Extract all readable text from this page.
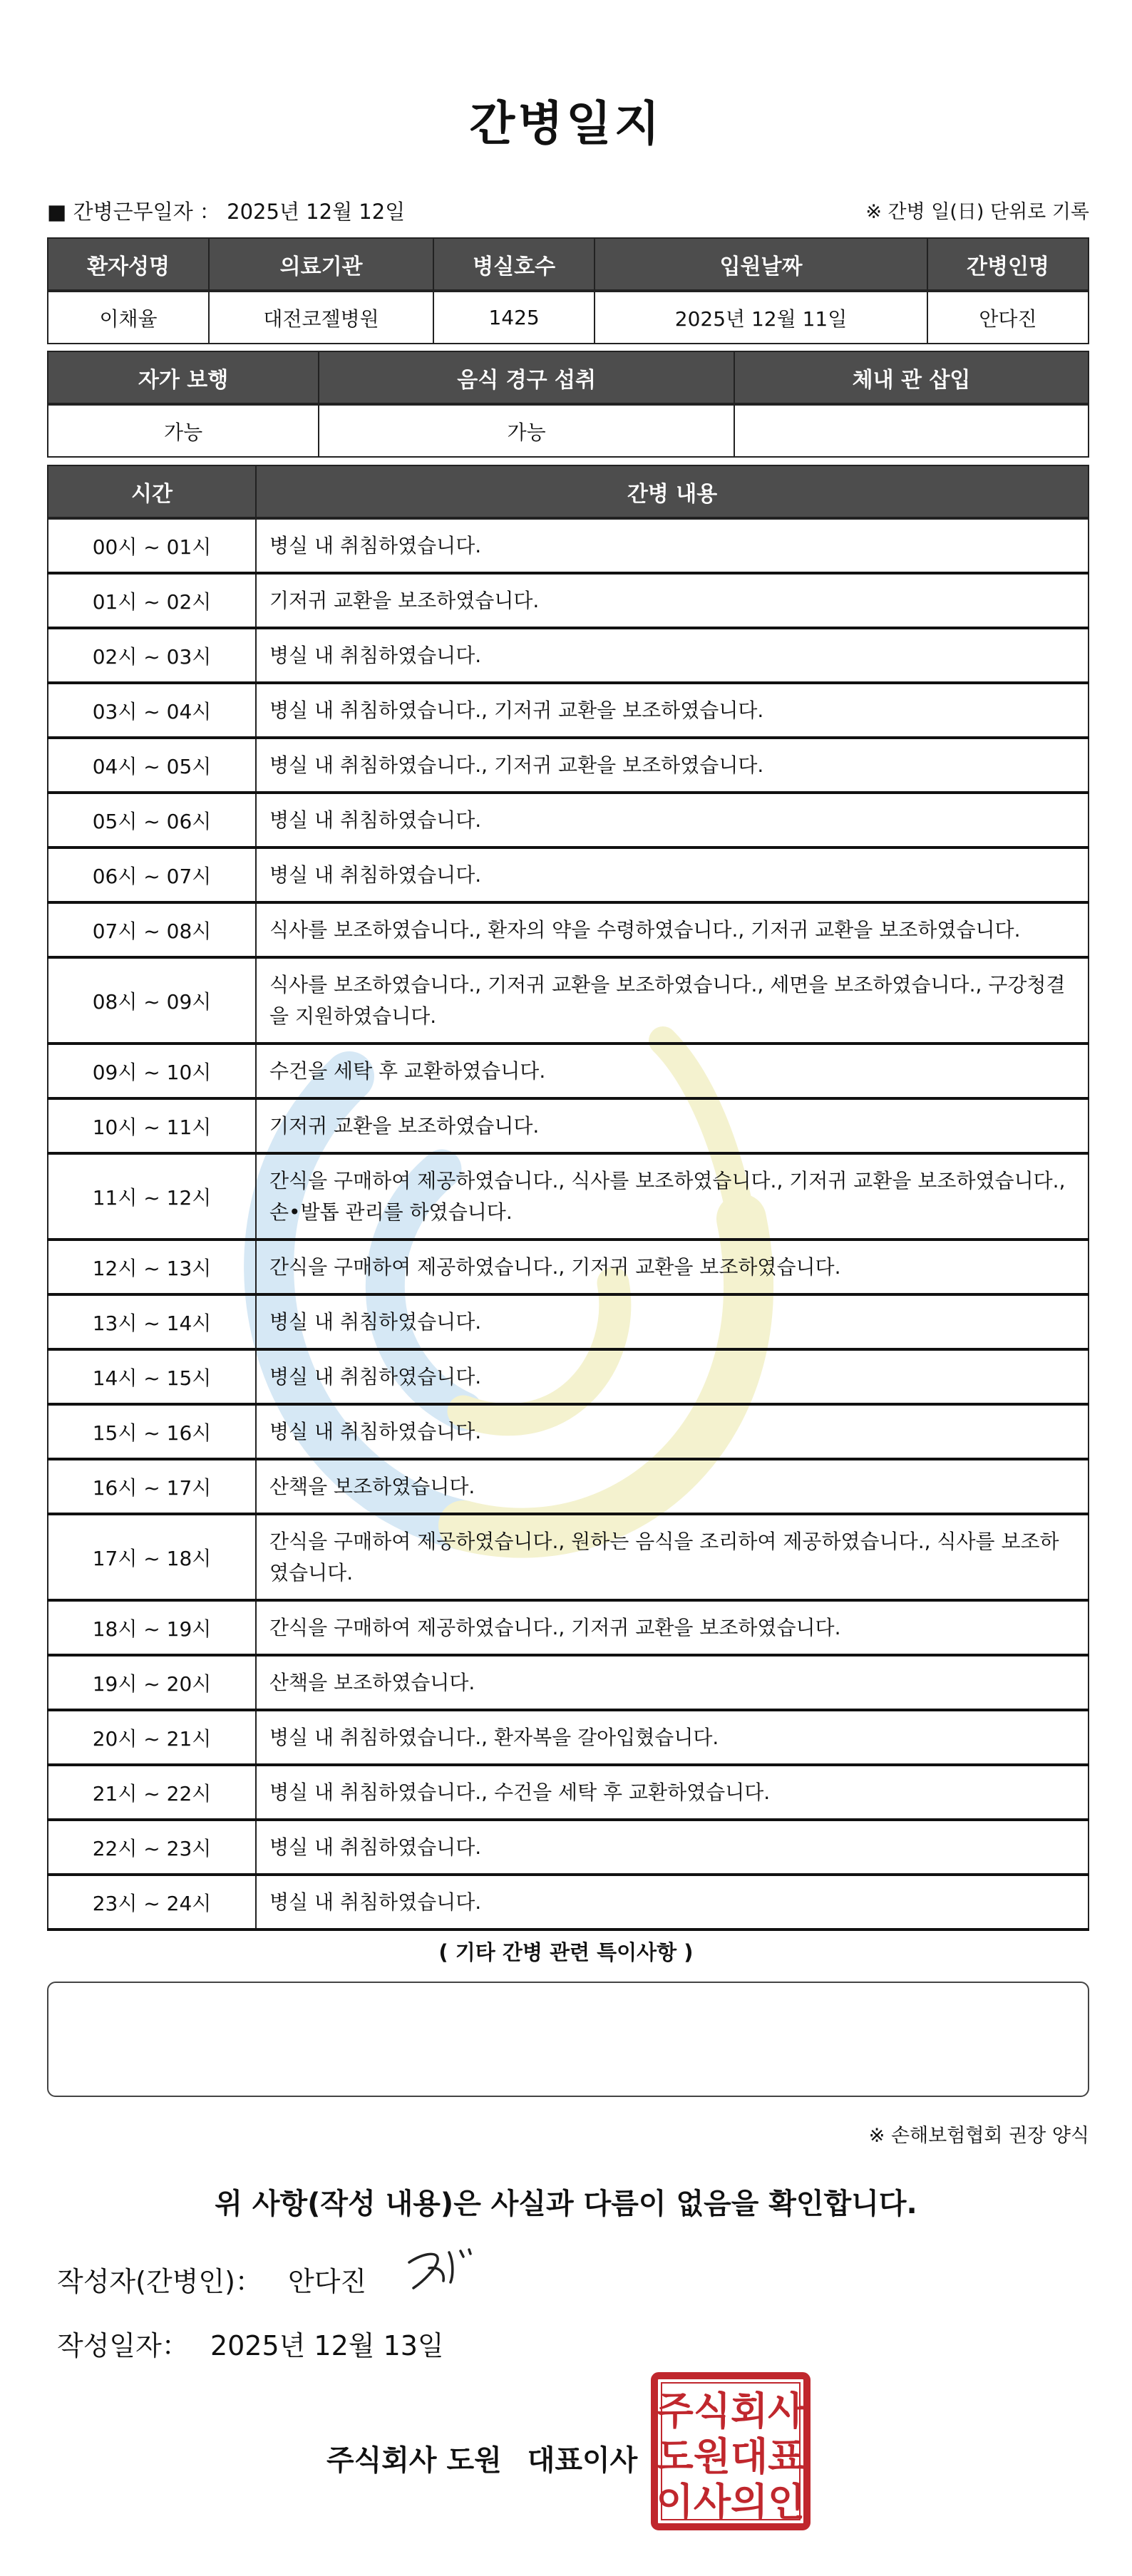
간병일지
■ 간병근무일자 ： 2025년 12월 12일	※ 간병 일(日) 단위로 기록
환자성명	의료기관	병실호수	입원날짜	간병인명
이채율	대전코젤병원	1425	2025년 12월 11일	안다진
자가 보행	음식 경구 섭취	체내 관 삽입
가능	가능	
시간	간병 내용
00시 ~ 01시	병실 내 취침하였습니다.
01시 ~ 02시	기저귀 교환을 보조하였습니다.
02시 ~ 03시	병실 내 취침하였습니다.
03시 ~ 04시	병실 내 취침하였습니다., 기저귀 교환을 보조하였습니다.
04시 ~ 05시	병실 내 취침하였습니다., 기저귀 교환을 보조하였습니다.
05시 ~ 06시	병실 내 취침하였습니다.
06시 ~ 07시	병실 내 취침하였습니다.
07시 ~ 08시	식사를 보조하였습니다., 환자의 약을 수령하였습니다., 기저귀 교환을 보조하였습니다.
08시 ~ 09시	식사를 보조하였습니다., 기저귀 교환을 보조하였습니다., 세면을 보조하였습니다., 구강청결을 지원하였습니다.
09시 ~ 10시	수건을 세탁 후 교환하였습니다.
10시 ~ 11시	기저귀 교환을 보조하였습니다.
11시 ~ 12시	간식을 구매하여 제공하였습니다., 식사를 보조하였습니다., 기저귀 교환을 보조하였습니다., 손•발톱 관리를 하였습니다.
12시 ~ 13시	간식을 구매하여 제공하였습니다., 기저귀 교환을 보조하였습니다.
13시 ~ 14시	병실 내 취침하였습니다.
14시 ~ 15시	병실 내 취침하였습니다.
15시 ~ 16시	병실 내 취침하였습니다.
16시 ~ 17시	산책을 보조하였습니다.
17시 ~ 18시	간식을 구매하여 제공하였습니다., 원하는 음식을 조리하여 제공하였습니다., 식사를 보조하였습니다.
18시 ~ 19시	간식을 구매하여 제공하였습니다., 기저귀 교환을 보조하였습니다.
19시 ~ 20시	산책을 보조하였습니다.
20시 ~ 21시	병실 내 취침하였습니다., 환자복을 갈아입혔습니다.
21시 ~ 22시	병실 내 취침하였습니다., 수건을 세탁 후 교환하였습니다.
22시 ~ 23시	병실 내 취침하였습니다.
23시 ~ 24시	병실 내 취침하였습니다.
( 기타 간병 관련 특이사항 )
※ 손해보험협회 권장 양식
위 사항(작성 내용)은 사실과 다름이 없음을 확인합니다.
작성자(간병인)： 안다진
작성일자： 2025년 12월 13일
주식회사 도원 대표이사
주식회사
도원대표
이사의인
